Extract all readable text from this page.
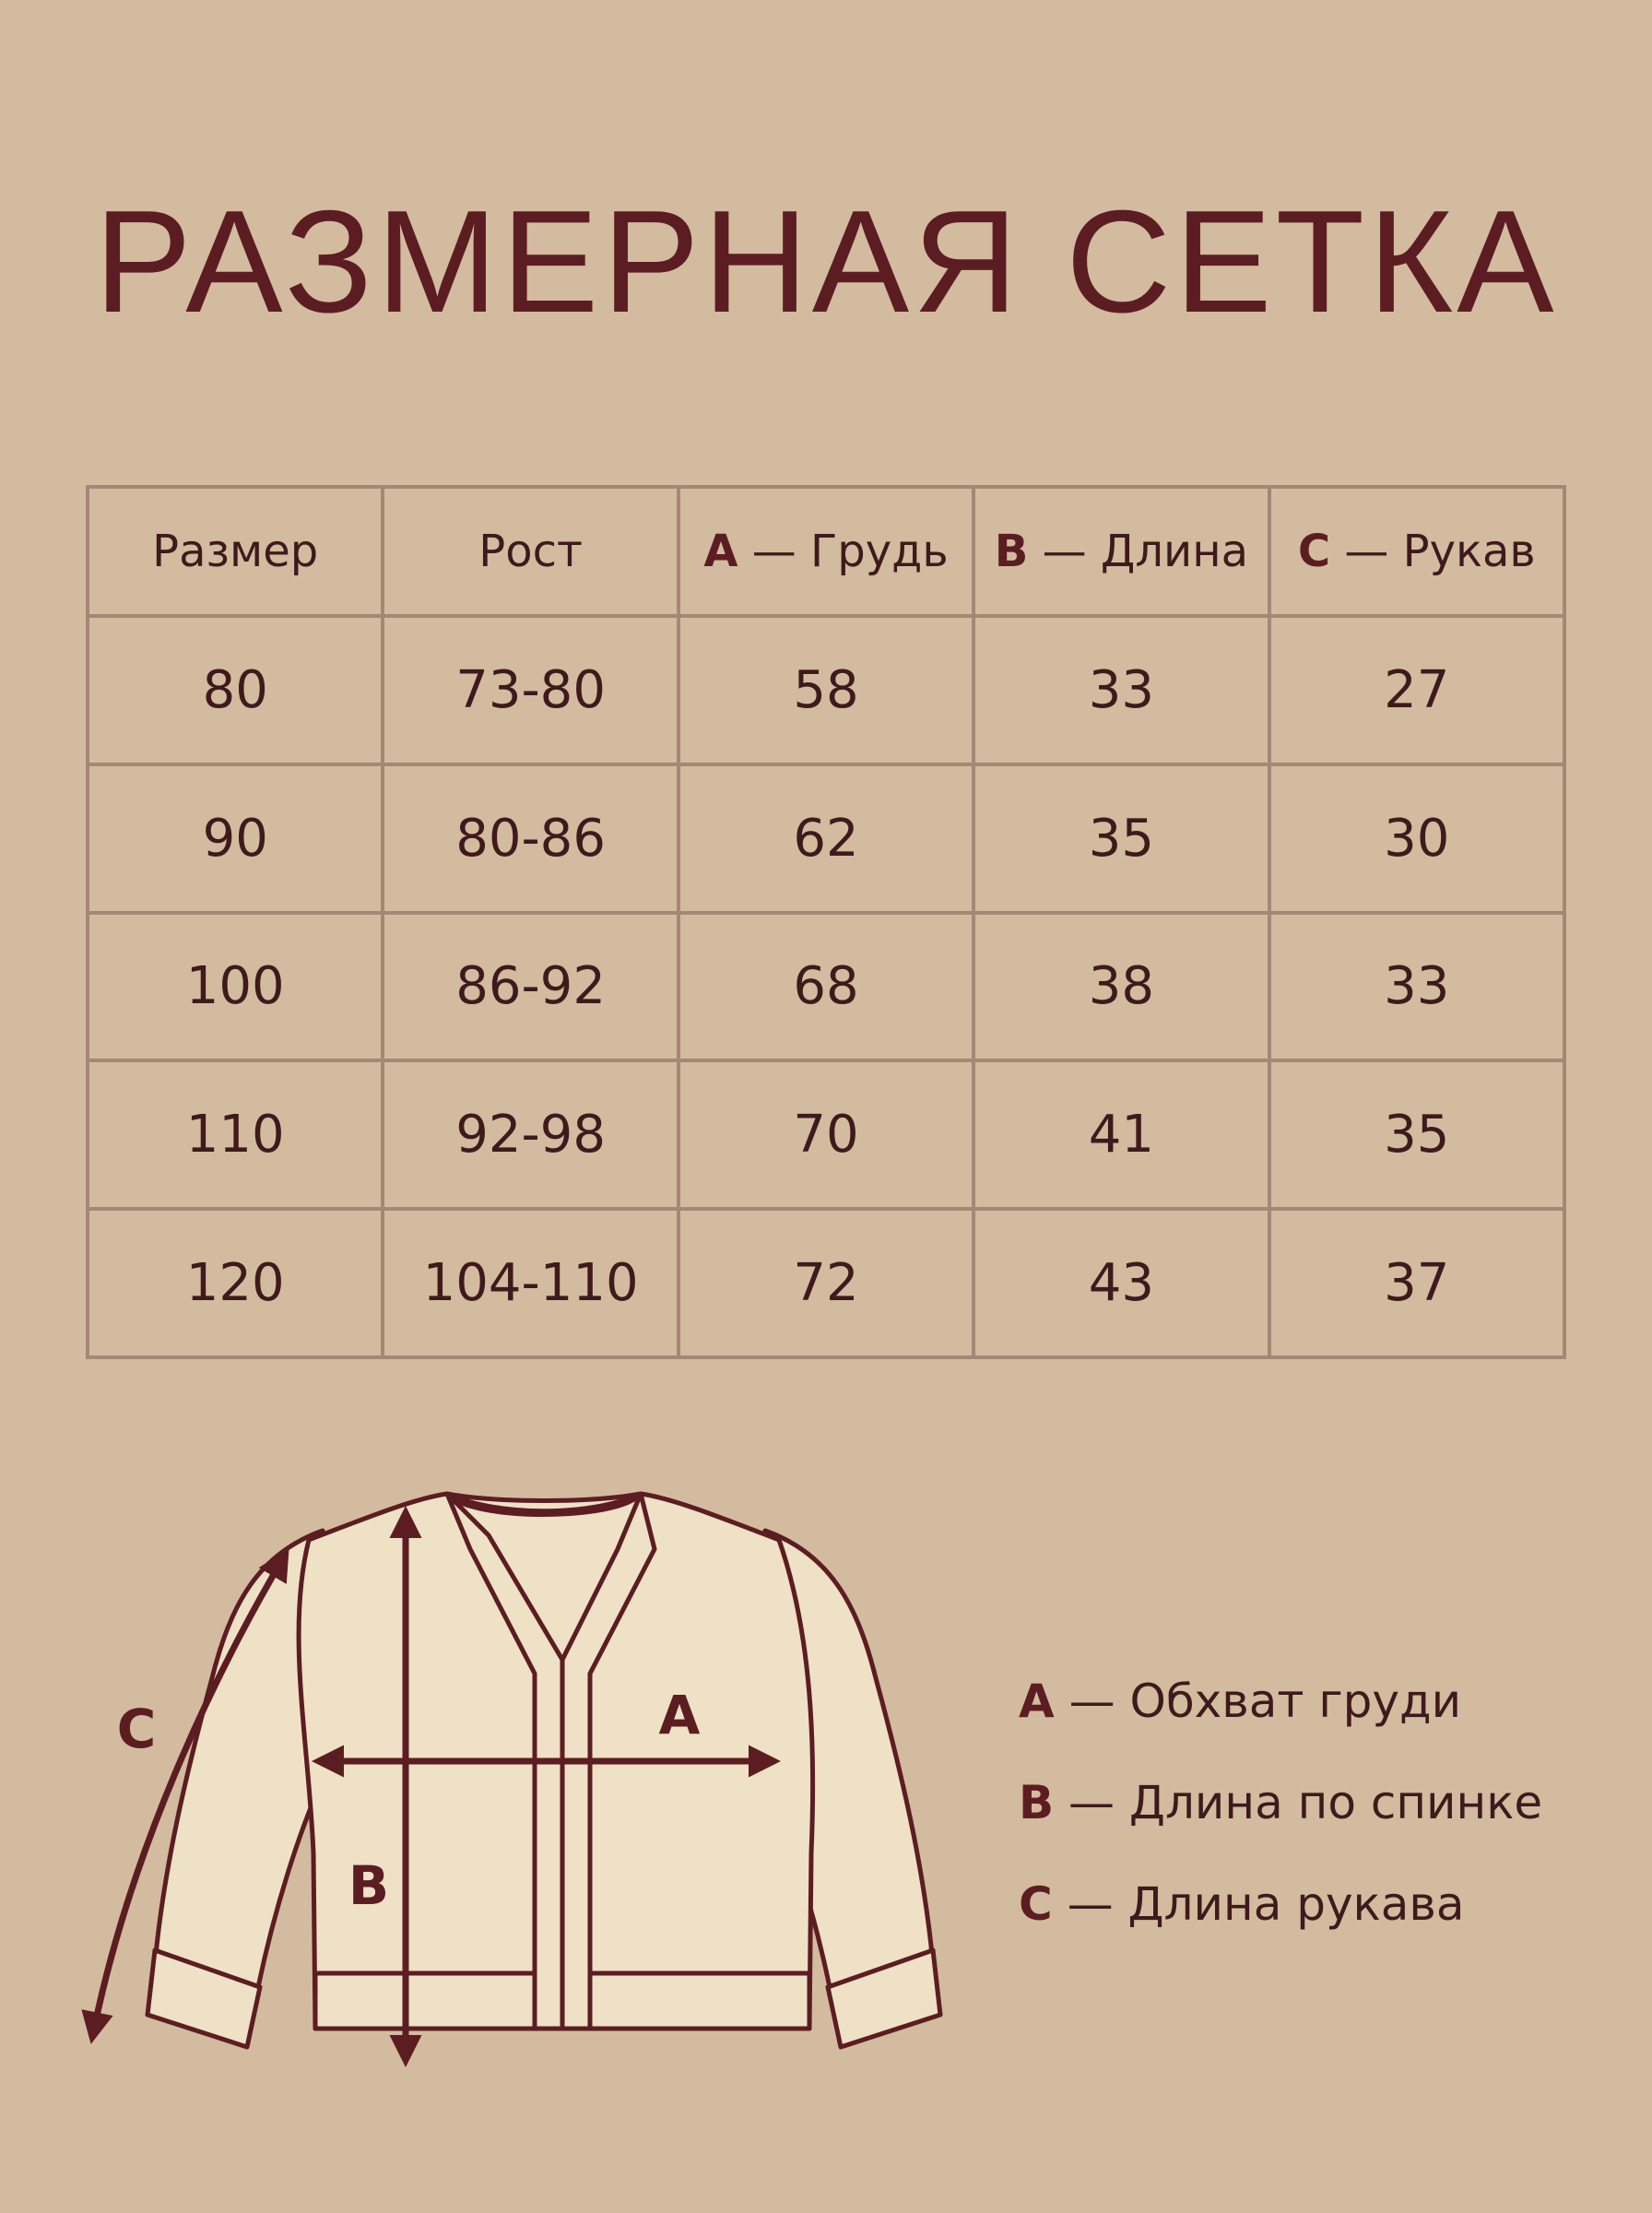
РАЗМЕРНАЯ СЕТКА
Размер	Рост	A — Грудь	B — Длина	C — Рукав
80	73-80	58	33	27
90	80-86	62	35	30
100	86-92	68	38	33
110	92-98	70	41	35
120	104-110	72	43	37
A
B
C	A — Обхват груди
B — Длина по спинке
C — Длина рукава
